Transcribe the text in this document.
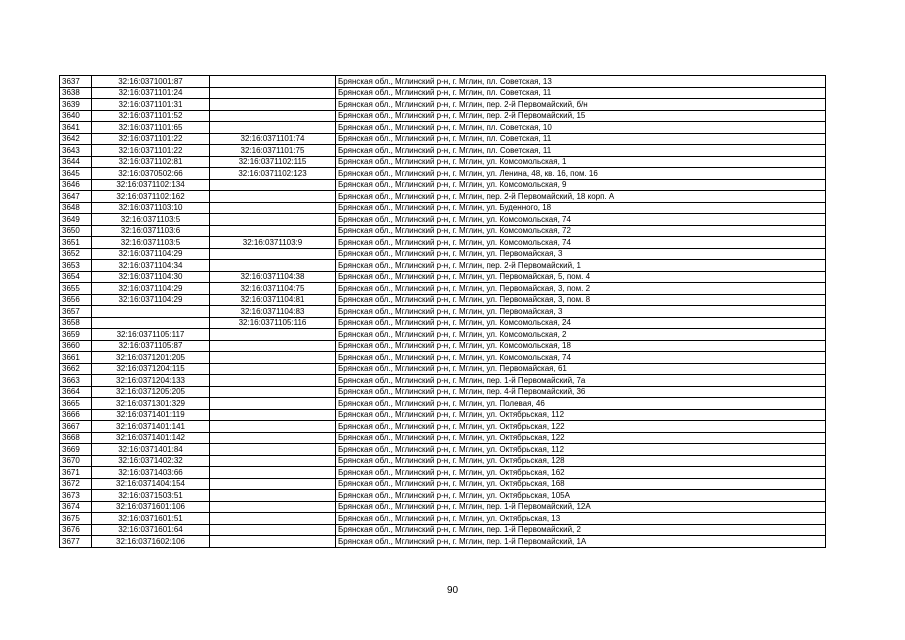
3637	32:16:0371001:87		Брянская обл., Мглинский р-н, г. Мглин, пл. Советская, 13
3638	32:16:0371101:24		Брянская обл., Мглинский р-н, г. Мглин, пл. Советская, 11
3639	32:16:0371101:31		Брянская обл., Мглинский р-н, г. Мглин, пер. 2-й Первомайский, б/н
3640	32:16:0371101:52		Брянская обл., Мглинский р-н, г. Мглин, пер. 2-й Первомайский, 15
3641	32:16:0371101:65		Брянская обл., Мглинский р-н, г. Мглин, пл. Советская, 10
3642	32:16:0371101:22	32:16:0371101:74	Брянская обл., Мглинский р-н, г. Мглин, пл. Советская, 11
3643	32:16:0371101:22	32:16:0371101:75	Брянская обл., Мглинский р-н, г. Мглин, пл. Советская, 11
3644	32:16:0371102:81	32:16:0371102:115	Брянская обл., Мглинский р-н, г. Мглин, ул. Комсомольская, 1
3645	32:16:0370502:66	32:16:0371102:123	Брянская обл., Мглинский р-н, г. Мглин, ул. Ленина, 48, кв. 16, пом. 16
3646	32:16:0371102:134		Брянская обл., Мглинский р-н, г. Мглин, ул. Комсомольская, 9
3647	32:16:0371102:162		Брянская обл., Мглинский р-н, г. Мглин, пер. 2-й Первомайский, 18 корп. А
3648	32:16:0371103:10		Брянская обл., Мглинский р-н, г. Мглин, ул. Буденного, 18
3649	32:16:0371103:5		Брянская обл., Мглинский р-н, г. Мглин, ул. Комсомольская, 74
3650	32:16:0371103:6		Брянская обл., Мглинский р-н, г. Мглин, ул. Комсомольская, 72
3651	32:16:0371103:5	32:16:0371103:9	Брянская обл., Мглинский р-н, г. Мглин, ул. Комсомольская, 74
3652	32:16:0371104:29		Брянская обл., Мглинский р-н, г. Мглин, ул. Первомайская, 3
3653	32:16:0371104:34		Брянская обл., Мглинский р-н, г. Мглин, пер. 2-й Первомайский, 1
3654	32:16:0371104:30	32:16:0371104:38	Брянская обл., Мглинский р-н, г. Мглин, ул. Первомайская, 5, пом. 4
3655	32:16:0371104:29	32:16:0371104:75	Брянская обл., Мглинский р-н, г. Мглин, ул. Первомайская, 3, пом. 2
3656	32:16:0371104:29	32:16:0371104:81	Брянская обл., Мглинский р-н, г. Мглин, ул. Первомайская, 3, пом. 8
3657		32:16:0371104:83	Брянская обл., Мглинский р-н, г. Мглин, ул. Первомайская, 3
3658		32:16:0371105:116	Брянская обл., Мглинский р-н, г. Мглин, ул. Комсомольская, 24
3659	32:16:0371105:117		Брянская обл., Мглинский р-н, г. Мглин, ул. Комсомольская, 2
3660	32:16:0371105:87		Брянская обл., Мглинский р-н, г. Мглин, ул. Комсомольская, 18
3661	32:16:0371201:205		Брянская обл., Мглинский р-н, г. Мглин, ул. Комсомольская, 74
3662	32:16:0371204:115		Брянская обл., Мглинский р-н, г. Мглин, ул. Первомайская, 61
3663	32:16:0371204:133		Брянская обл., Мглинский р-н, г. Мглин, пер. 1-й Первомайский, 7а
3664	32:16:0371205:205		Брянская обл., Мглинский р-н, г. Мглин, пер. 4-й Первомайский, 36
3665	32:16:0371301:329		Брянская обл., Мглинский р-н, г. Мглин, ул. Полевая, 46
3666	32:16:0371401:119		Брянская обл., Мглинский р-н, г. Мглин, ул. Октябрьская, 112
3667	32:16:0371401:141		Брянская обл., Мглинский р-н, г. Мглин, ул. Октябрьская, 122
3668	32:16:0371401:142		Брянская обл., Мглинский р-н, г. Мглин, ул. Октябрьская, 122
3669	32:16:0371401:84		Брянская обл., Мглинский р-н, г. Мглин, ул. Октябрьская, 112
3670	32:16:0371402:32		Брянская обл., Мглинский р-н, г. Мглин, ул. Октябрьская, 128
3671	32:16:0371403:66		Брянская обл., Мглинский р-н, г. Мглин, ул. Октябрьская, 162
3672	32:16:0371404:154		Брянская обл., Мглинский р-н, г. Мглин, ул. Октябрьская, 168
3673	32:16:0371503:51		Брянская обл., Мглинский р-н, г. Мглин, ул. Октябрьская, 105А
3674	32:16:0371601:106		Брянская обл., Мглинский р-н, г. Мглин, пер. 1-й Первомайский, 12А
3675	32:16:0371601:51		Брянская обл., Мглинский р-н, г. Мглин, ул. Октябрьская, 13
3676	32:16:0371601:64		Брянская обл., Мглинский р-н, г. Мглин, пер. 1-й Первомайский, 2
3677	32:16:0371602:106		Брянская обл., Мглинский р-н, г. Мглин, пер. 1-й Первомайский, 1А
90
